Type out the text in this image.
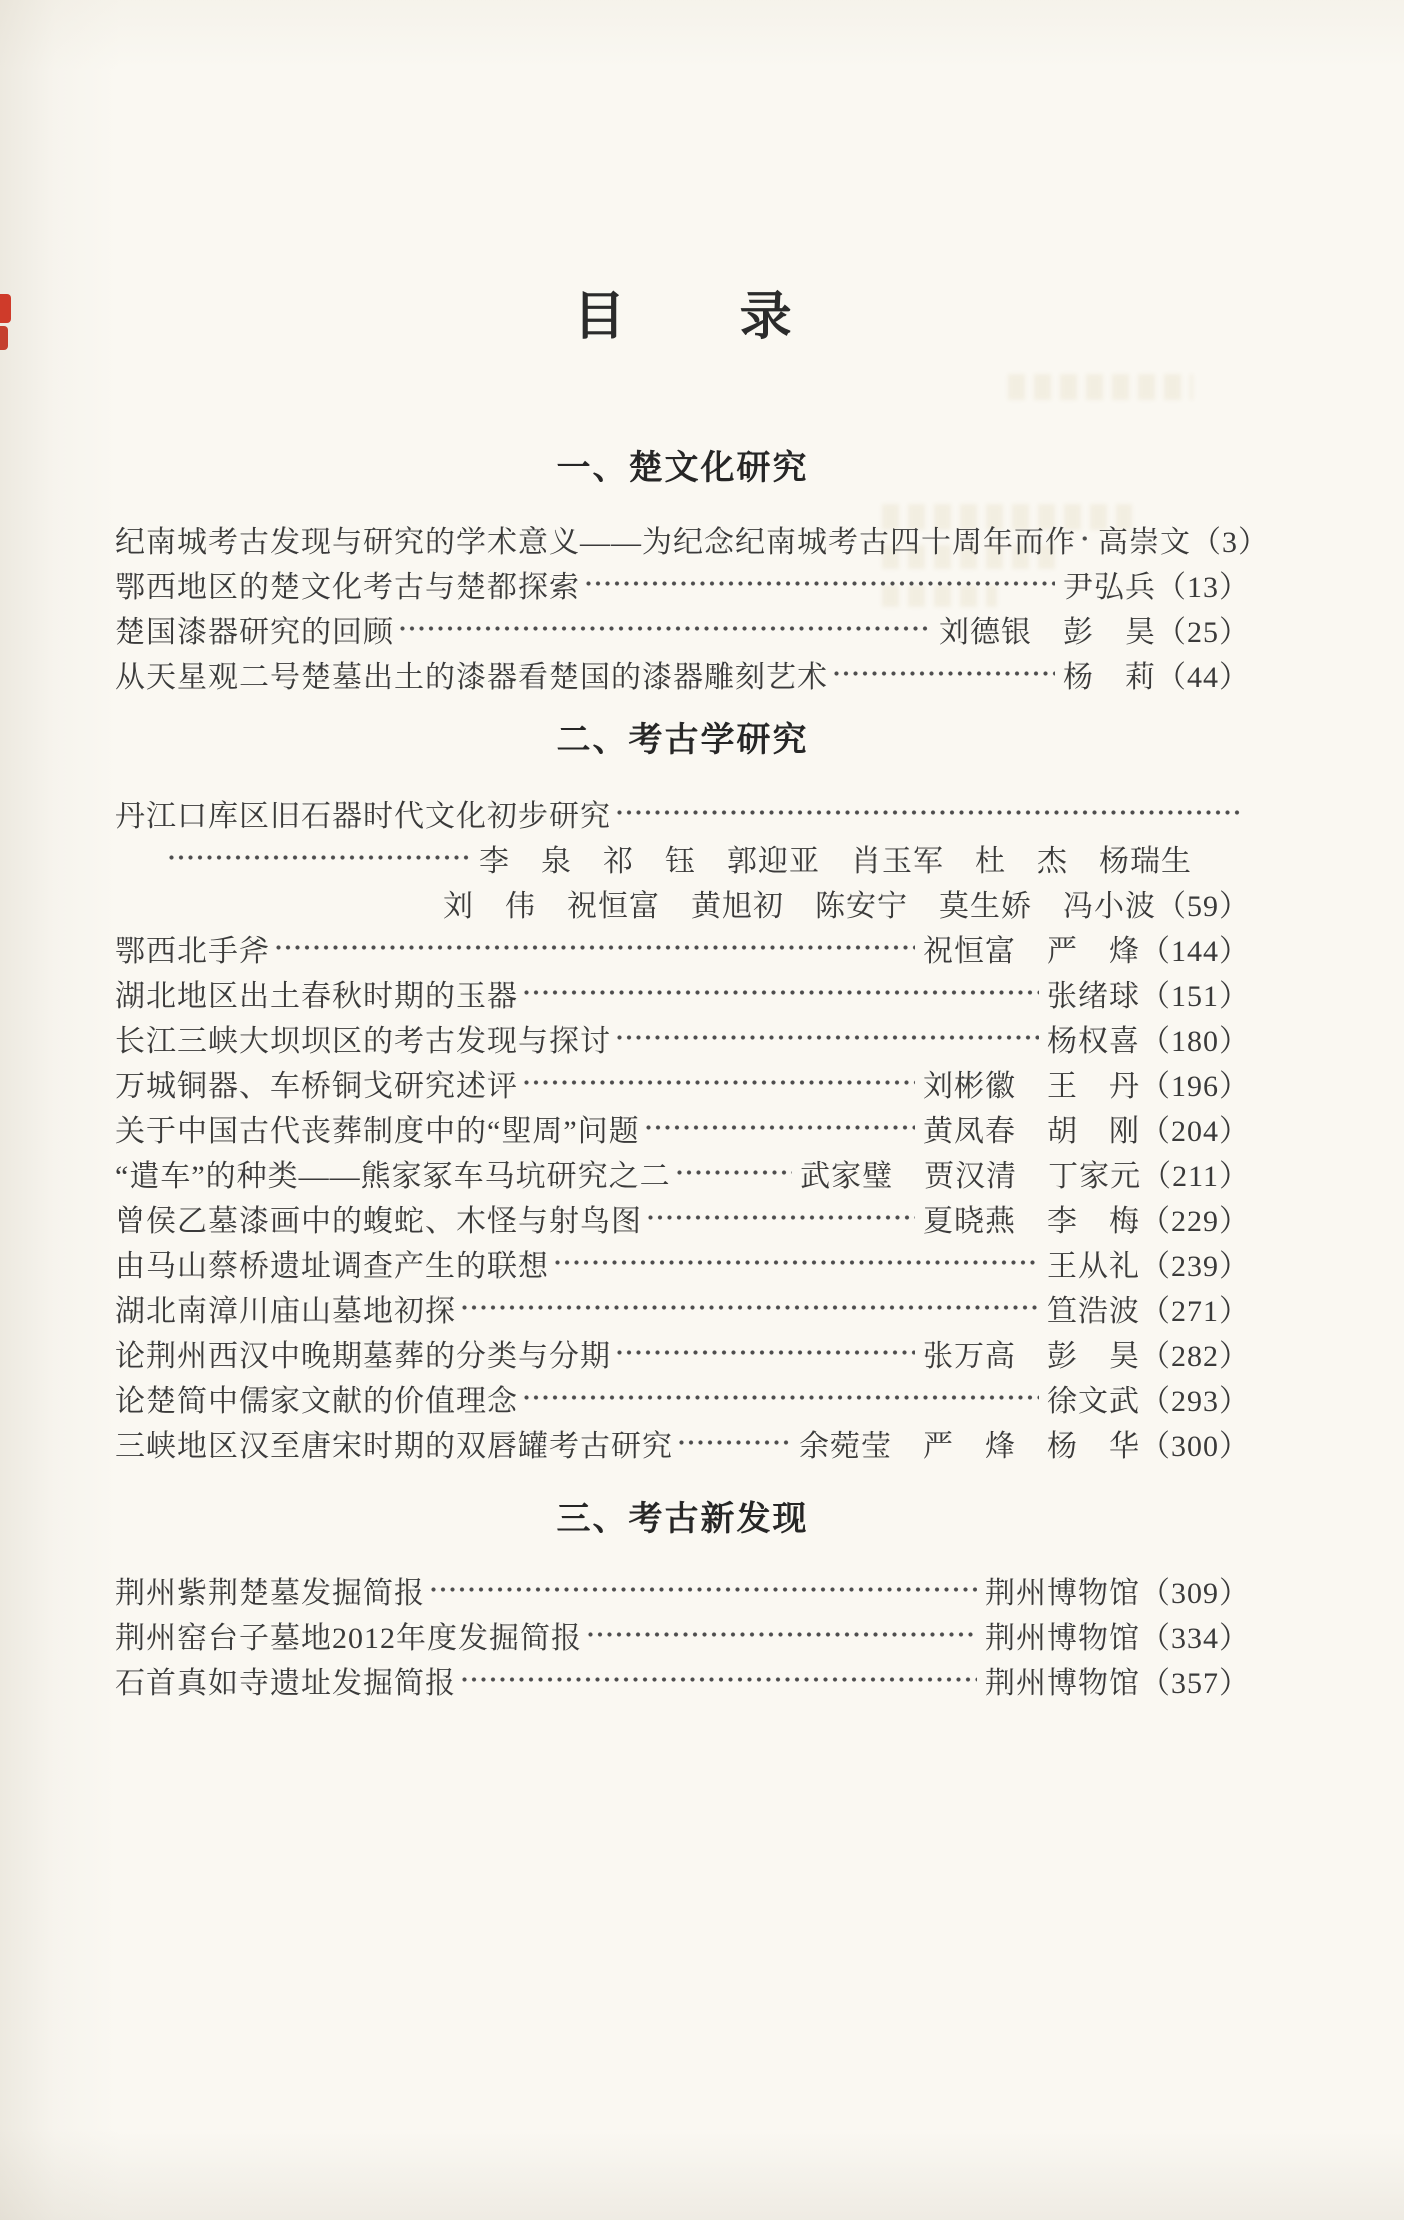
目　录
一、楚文化研究
纪南城考古发现与研究的学术意义——为纪念纪南城考古四十周年而作 高崇文（3）
鄂西地区的楚文化考古与楚都探索	尹弘兵（13）
楚国漆器研究的回顾	刘德银　彭　昊（25）
从天星观二号楚墓出土的漆器看楚国的漆器雕刻艺术	杨　莉（44）
二、考古学研究
丹江口库区旧石器时代文化初步研究
李　泉　祁　钰　郭迎亚　肖玉军　杜　杰　杨瑞生
刘　伟　祝恒富　黄旭初　陈安宁　莫生娇　冯小波（59）
鄂西北手斧	祝恒富　严　烽（144）
湖北地区出土春秋时期的玉器	张绪球（151）
长江三峡大坝坝区的考古发现与探讨	杨权喜（180）
万城铜器、车桥铜戈研究述评	刘彬徽　王　丹（196）
关于中国古代丧葬制度中的“堲周”问题	黄凤春　胡　刚（204）
“遣车”的种类——熊家冢车马坑研究之二	武家璧　贾汉清　丁家元（211）
曾侯乙墓漆画中的蝮蛇、木怪与射鸟图	夏晓燕　李　梅（229）
由马山蔡桥遗址调查产生的联想	王从礼（239）
湖北南漳川庙山墓地初探	笪浩波（271）
论荆州西汉中晚期墓葬的分类与分期	张万高　彭　昊（282）
论楚简中儒家文献的价值理念	徐文武（293）
三峡地区汉至唐宋时期的双唇罐考古研究	余菀莹　严　烽　杨　华（300）
三、考古新发现
荆州紫荆楚墓发掘简报	荆州博物馆（309）
荆州窑台子墓地2012年度发掘简报	荆州博物馆（334）
石首真如寺遗址发掘简报	荆州博物馆（357）
